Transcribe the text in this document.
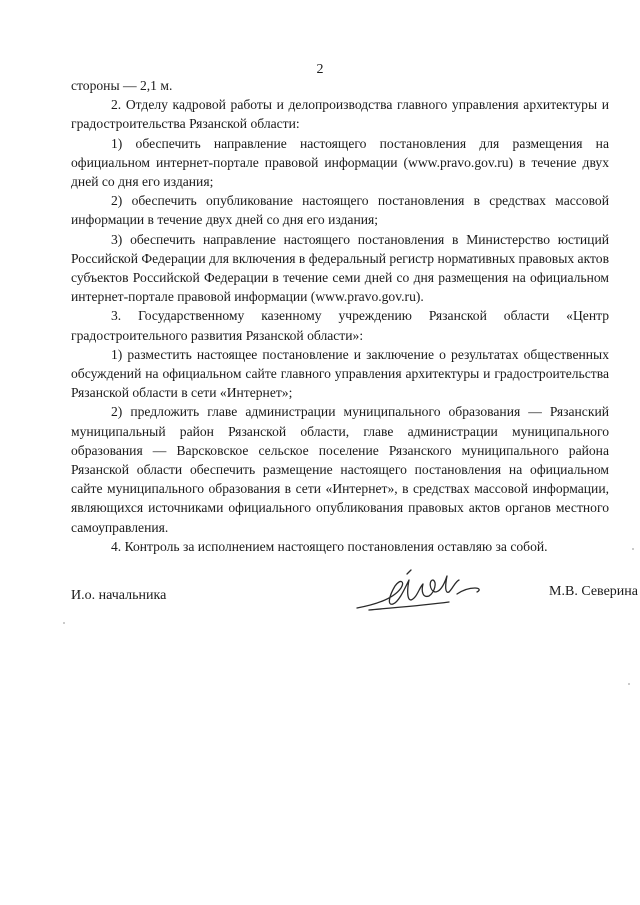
2

стороны — 2,1 м.

2. Отделу кадровой работы и делопроизводства главного управления архитектуры и градостроительства Рязанской области:

1) обеспечить направление настоящего постановления для размещения на официальном интернет-портале правовой информации (www.pravo.gov.ru) в течение двух дней со дня его издания;

2) обеспечить опубликование настоящего постановления в средствах массовой информации в течение двух дней со дня его издания;

3) обеспечить направление настоящего постановления в Министерство юстиций Российской Федерации для включения в федеральный регистр нормативных правовых актов субъектов Российской Федерации в течение семи дней со дня размещения на официальном интернет-портале правовой информации (www.pravo.gov.ru).

3. Государственному казенному учреждению Рязанской области «Центр градостроительного развития Рязанской области»:

1) разместить настоящее постановление и заключение о результатах общественных обсуждений на официальном сайте главного управления архитектуры и градостроительства Рязанской области в сети «Интернет»;

2) предложить главе администрации муниципального образования — Рязанский муниципальный район Рязанской области, главе администрации муниципального образования — Варсковское сельское поселение Рязанского муниципального района Рязанской области обеспечить размещение настоящего постановления на официальном сайте муниципального образования в сети «Интернет», в средствах массовой информации, являющихся источниками официального опубликования правовых актов органов местного самоуправления.

4. Контроль за исполнением настоящего постановления оставляю за собой.

И.о. начальника	М.В. Северина
